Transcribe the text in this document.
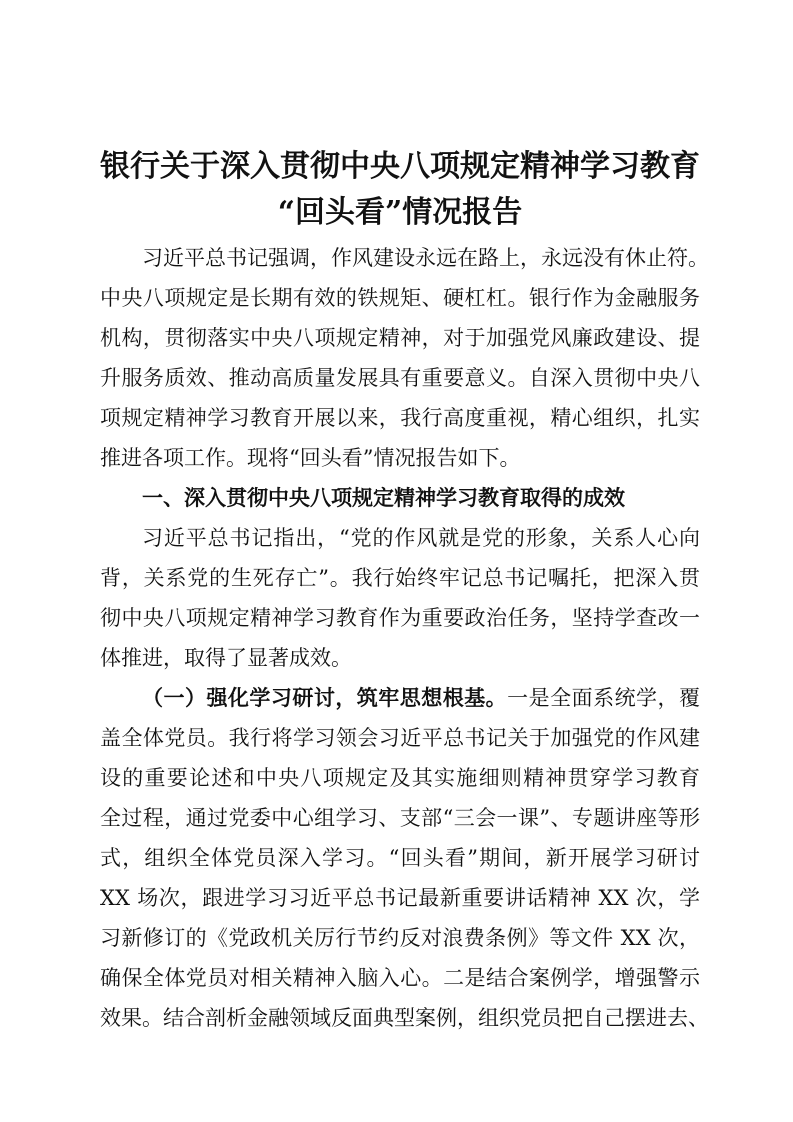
银行关于深入贯彻中央八项规定精神学习教育
“回头看”情况报告
习近平总书记强调，作风建设永远在路上，永远没有休止符。
中央八项规定是长期有效的铁规矩、硬杠杠。银行作为金融服务
机构，贯彻落实中央八项规定精神，对于加强党风廉政建设、提
升服务质效、推动高质量发展具有重要意义。自深入贯彻中央八
项规定精神学习教育开展以来，我行高度重视，精心组织，扎实
推进各项工作。现将“回头看”情况报告如下。
一、深入贯彻中央八项规定精神学习教育取得的成效
习近平总书记指出，“党的作风就是党的形象，关系人心向
背，关系党的生死存亡”。我行始终牢记总书记嘱托，把深入贯
彻中央八项规定精神学习教育作为重要政治任务，坚持学查改一
体推进，取得了显著成效。
（一）强化学习研讨，筑牢思想根基。一是全面系统学，覆
盖全体党员。我行将学习领会习近平总书记关于加强党的作风建
设的重要论述和中央八项规定及其实施细则精神贯穿学习教育
全过程，通过党委中心组学习、支部“三会一课”、专题讲座等形
式，组织全体党员深入学习。“回头看”期间，新开展学习研讨
XX 场次，跟进学习习近平总书记最新重要讲话精神 XX 次，学
习新修订的《党政机关厉行节约反对浪费条例》等文件 XX 次，
确保全体党员对相关精神入脑入心。二是结合案例学，增强警示
效果。结合剖析金融领域反面典型案例，组织党员把自己摆进去、
